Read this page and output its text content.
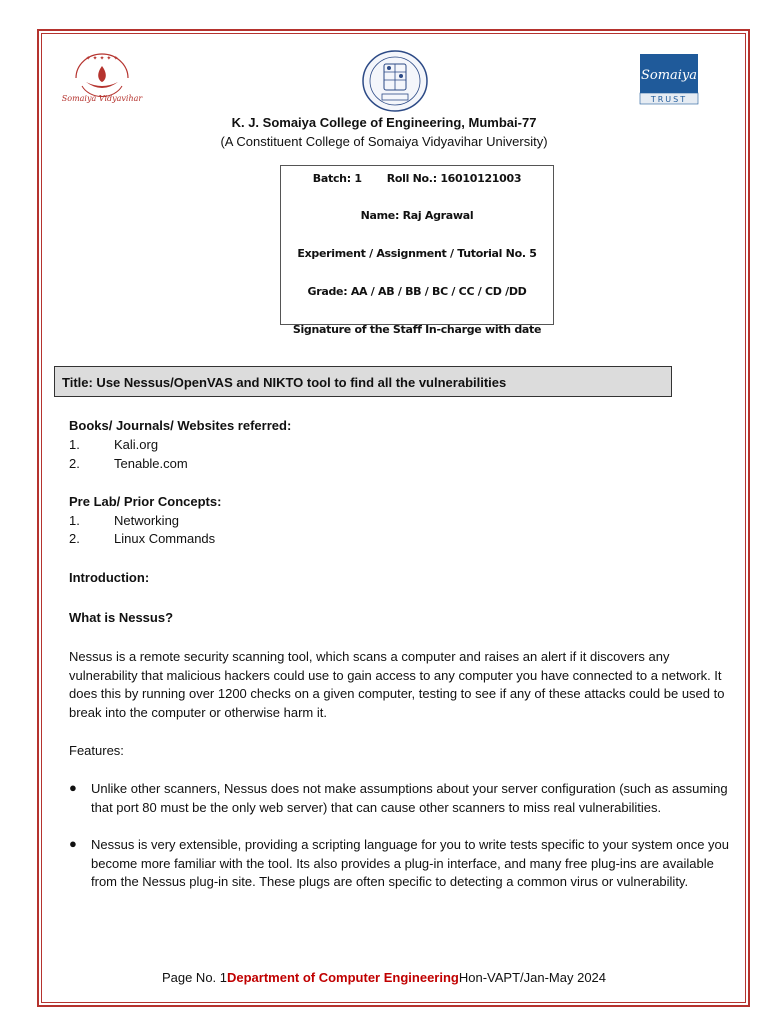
✦ ✦ ✦ ✦ ✦
Somaiya Vidyavihar
Somaiya
TRUST
K. J. Somaiya College of Engineering, Mumbai-77
(A Constituent College of Somaiya Vidyavihar University)
Batch: 1 Roll No.: 16010121003
Name: Raj Agrawal
Experiment / Assignment / Tutorial No. 5
Grade: AA / AB / BB / BC / CC / CD /DD
Signature of the Staff In-charge with date
Title: Use Nessus/OpenVAS and NIKTO tool to find all the vulnerabilities
Books/ Journals/ Websites referred:
1.	Kali.org
2.	Tenable.com
Pre Lab/ Prior Concepts:
1.	Networking
2.	Linux Commands
Introduction:
What is Nessus?
Nessus is a remote security scanning tool, which scans a computer and raises an alert if it discovers any vulnerability that malicious hackers could use to gain access to any computer you have connected to a network. It does this by running over 1200 checks on a given computer, testing to see if any of these attacks could be used to break into the computer or otherwise harm it.
Features:
● Unlike other scanners, Nessus does not make assumptions about your server configuration (such as assuming that port 80 must be the only web server) that can cause other scanners to miss real vulnerabilities.
● Nessus is very extensible, providing a scripting language for you to write tests specific to your system once you become more familiar with the tool. Its also provides a plug-in interface, and many free plug-ins are available from the Nessus plug-in site. These plugs are often specific to detecting a common virus or vulnerability.
Page No. 1Department of Computer EngineeringHon-VAPT/Jan-May 2024
